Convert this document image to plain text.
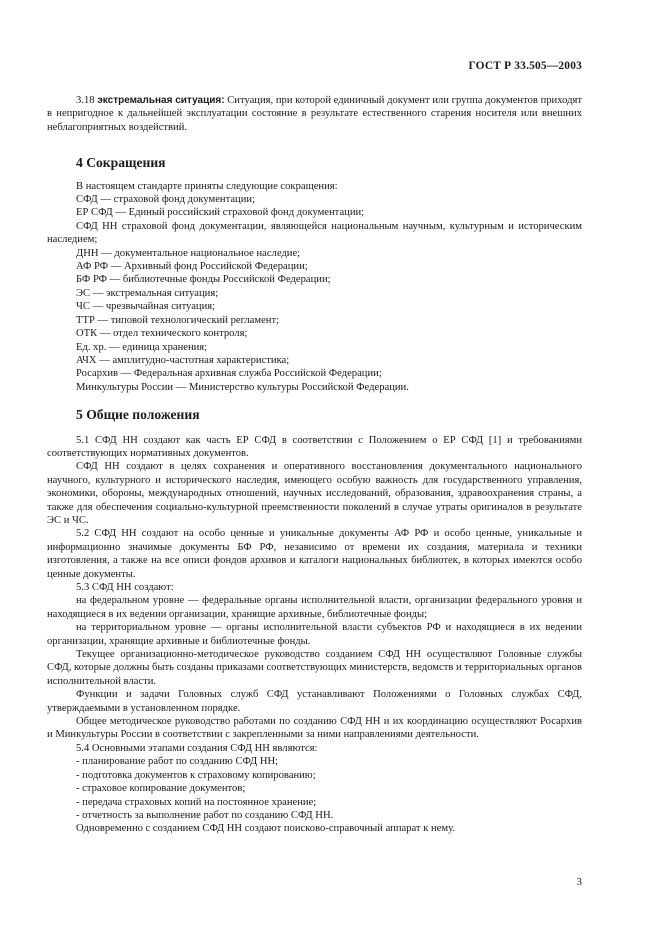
ГОСТ Р 33.505—2003

3.18 экстремальная ситуация: Ситуация, при которой единичный документ или группа документов приходят в непригодное к дальнейшей эксплуатации состояние в результате естественного старения носителя или внешних неблагоприятных воздействий.

4 Сокращения

В настоящем стандарте приняты следующие сокращения:

СФД — страховой фонд документации;

ЕР СФД — Единый российский страховой фонд документации;

СФД НН страховой фонд документации, являющейся национальным научным, культурным и историческим наследием;

ДНН — документальное национальное наследие;

АФ РФ — Архивный фонд Российской Федерации;

БФ РФ — библиотечные фонды Российской Федерации;

ЭС — экстремальная ситуация;

ЧС — чрезвычайная ситуация;

ТТР — типовой технологический регламент;

ОТК — отдел технического контроля;

Ед. хр. — единица хранения;

АЧХ — амплитудно-частотная характеристика;

Росархив — Федеральная архивная служба Российской Федерации;

Минкультуры России — Министерство культуры Российской Федерации.

5 Общие положения

5.1 СФД НН создают как часть ЕР СФД в соответствии с Положением о ЕР СФД [1] и требованиями соответствующих нормативных документов.

СФД НН создают в целях сохранения и оперативного восстановления документального национального научного, культурного и исторического наследия, имеющего особую важность для государственного управления, экономики, обороны, международных отношений, научных исследований, образования, здравоохранения страны, а также для обеспечения социально-культурной преемственности поколений в случае утраты оригиналов в результате ЭС и ЧС.

5.2 СФД НН создают на особо ценные и уникальные документы АФ РФ и особо ценные, уникальные и информационно значимые документы БФ РФ, независимо от времени их создания, материала и техники изготовления, а также на все описи фондов архивов и каталоги национальных библиотек, в которых имеются особо ценные документы.

5.3 СФД НН создают:

на федеральном уровне — федеральные органы исполнительной власти, организации федерального уровня и находящиеся в их ведении организации, хранящие архивные, библиотечные фонды;

на территориальном уровне — органы исполнительной власти субъектов РФ и находящиеся в их ведении организации, хранящие архивные и библиотечные фонды.

Текущее организационно-методическое руководство созданием СФД НН осуществляют Головные службы СФД, которые должны быть созданы приказами соответствующих министерств, ведомств и территориальных органов исполнительной власти.

Функции и задачи Головных служб СФД устанавливают Положениями о Головных службах СФД, утверждаемыми в установленном порядке.

Общее методическое руководство работами по созданию СФД НН и их координацию осуществляют Росархив и Минкультуры России в соответствии с закрепленными за ними направлениями деятельности.

5.4 Основными этапами создания СФД НН являются:

- планирование работ по созданию СФД НН;

- подготовка документов к страховому копированию;

- страховое копирование документов;

- передача страховых копий на постоянное хранение;

- отчетность за выполнение работ по созданию СФД НН.

Одновременно с созданием СФД НН создают поисково-справочный аппарат к нему.

3
